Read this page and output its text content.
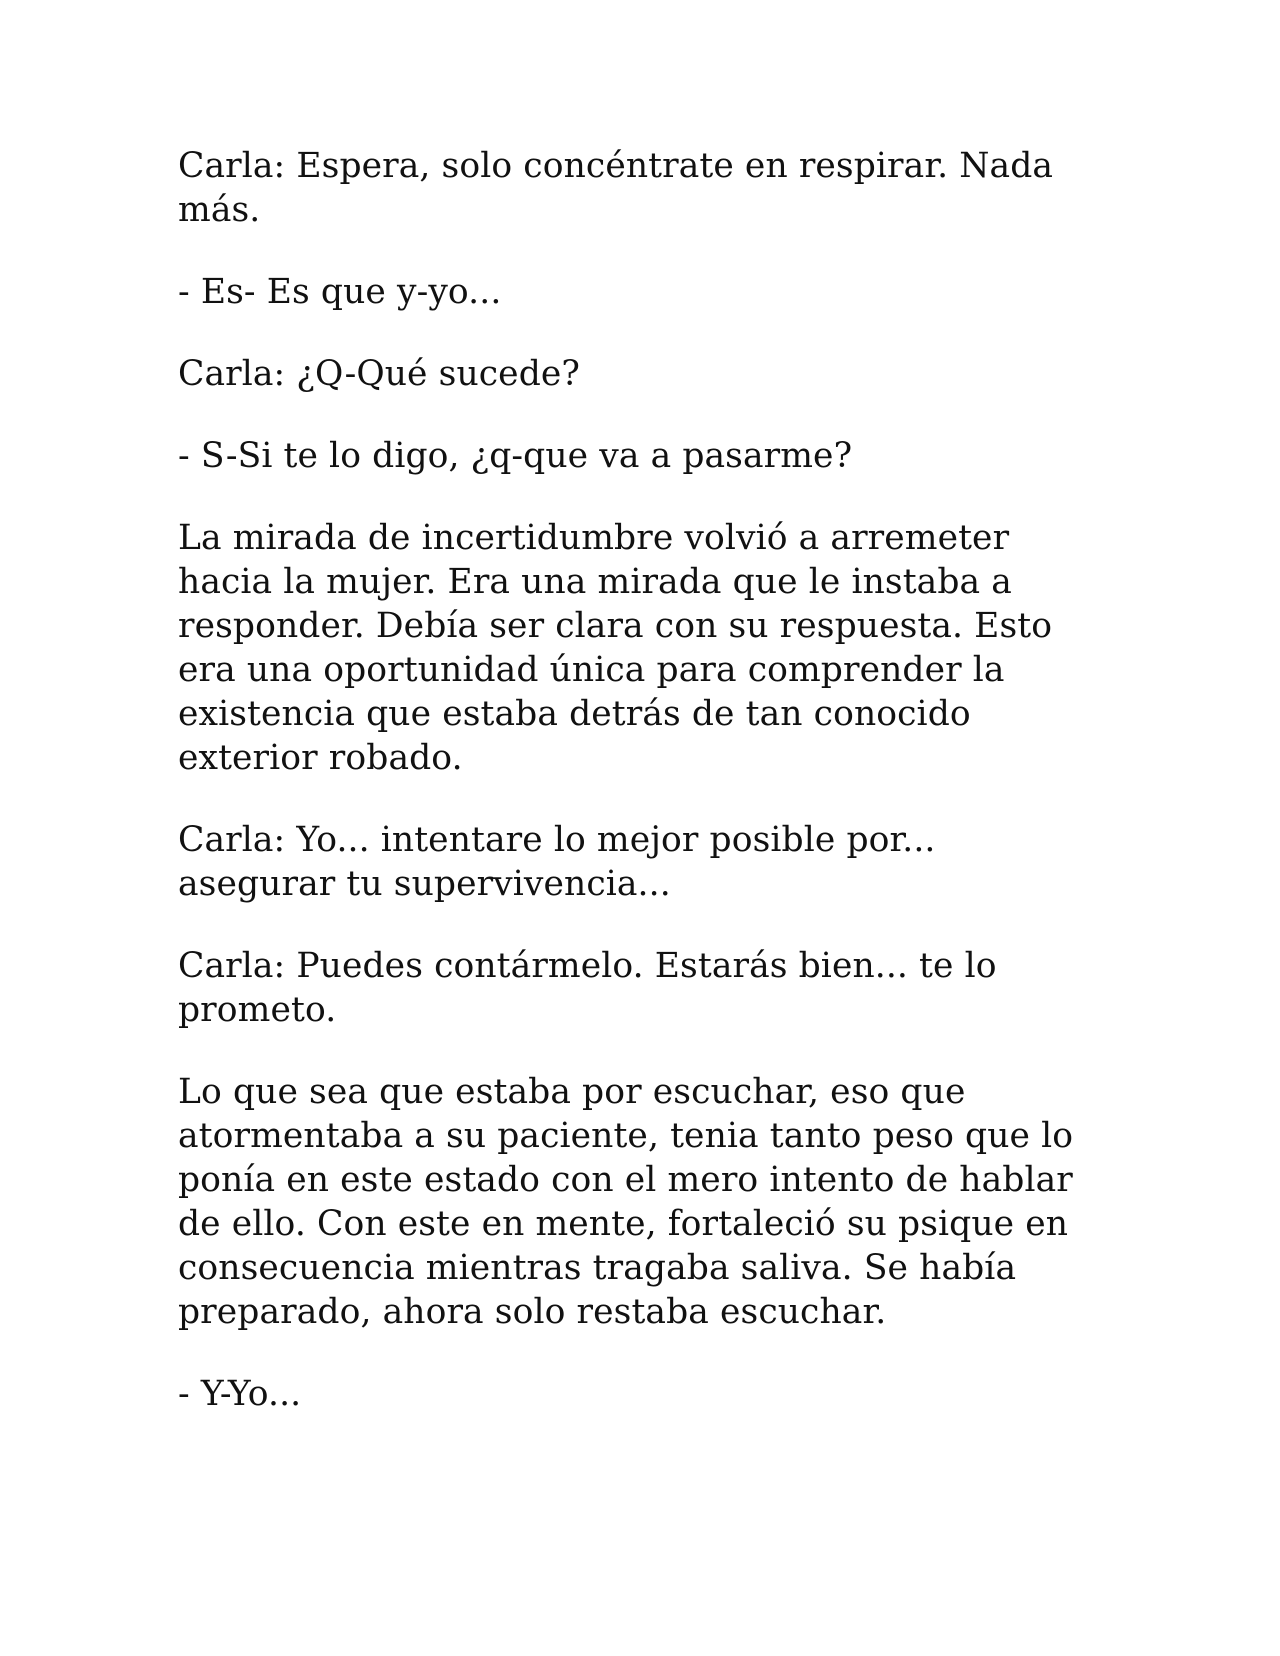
Carla: Espera, solo concéntrate en respirar. Nada más.

- Es- Es que y-yo...

Carla: ¿Q-Qué sucede?

- S-Si te lo digo, ¿q-que va a pasarme?

La mirada de incertidumbre volvió a arremeter hacia la mujer. Era una mirada que le instaba a responder. Debía ser clara con su respuesta. Esto era una oportunidad única para comprender la existencia que estaba detrás de tan conocido exterior robado.

Carla: Yo... intentare lo mejor posible por... asegurar tu supervivencia...

Carla: Puedes contármelo. Estarás bien... te lo prometo.

Lo que sea que estaba por escuchar, eso que atormentaba a su paciente, tenia tanto peso que lo ponía en este estado con el mero intento de hablar de ello. Con este en mente, fortaleció su psique en consecuencia mientras tragaba saliva. Se había preparado, ahora solo restaba escuchar.

- Y-Yo...
